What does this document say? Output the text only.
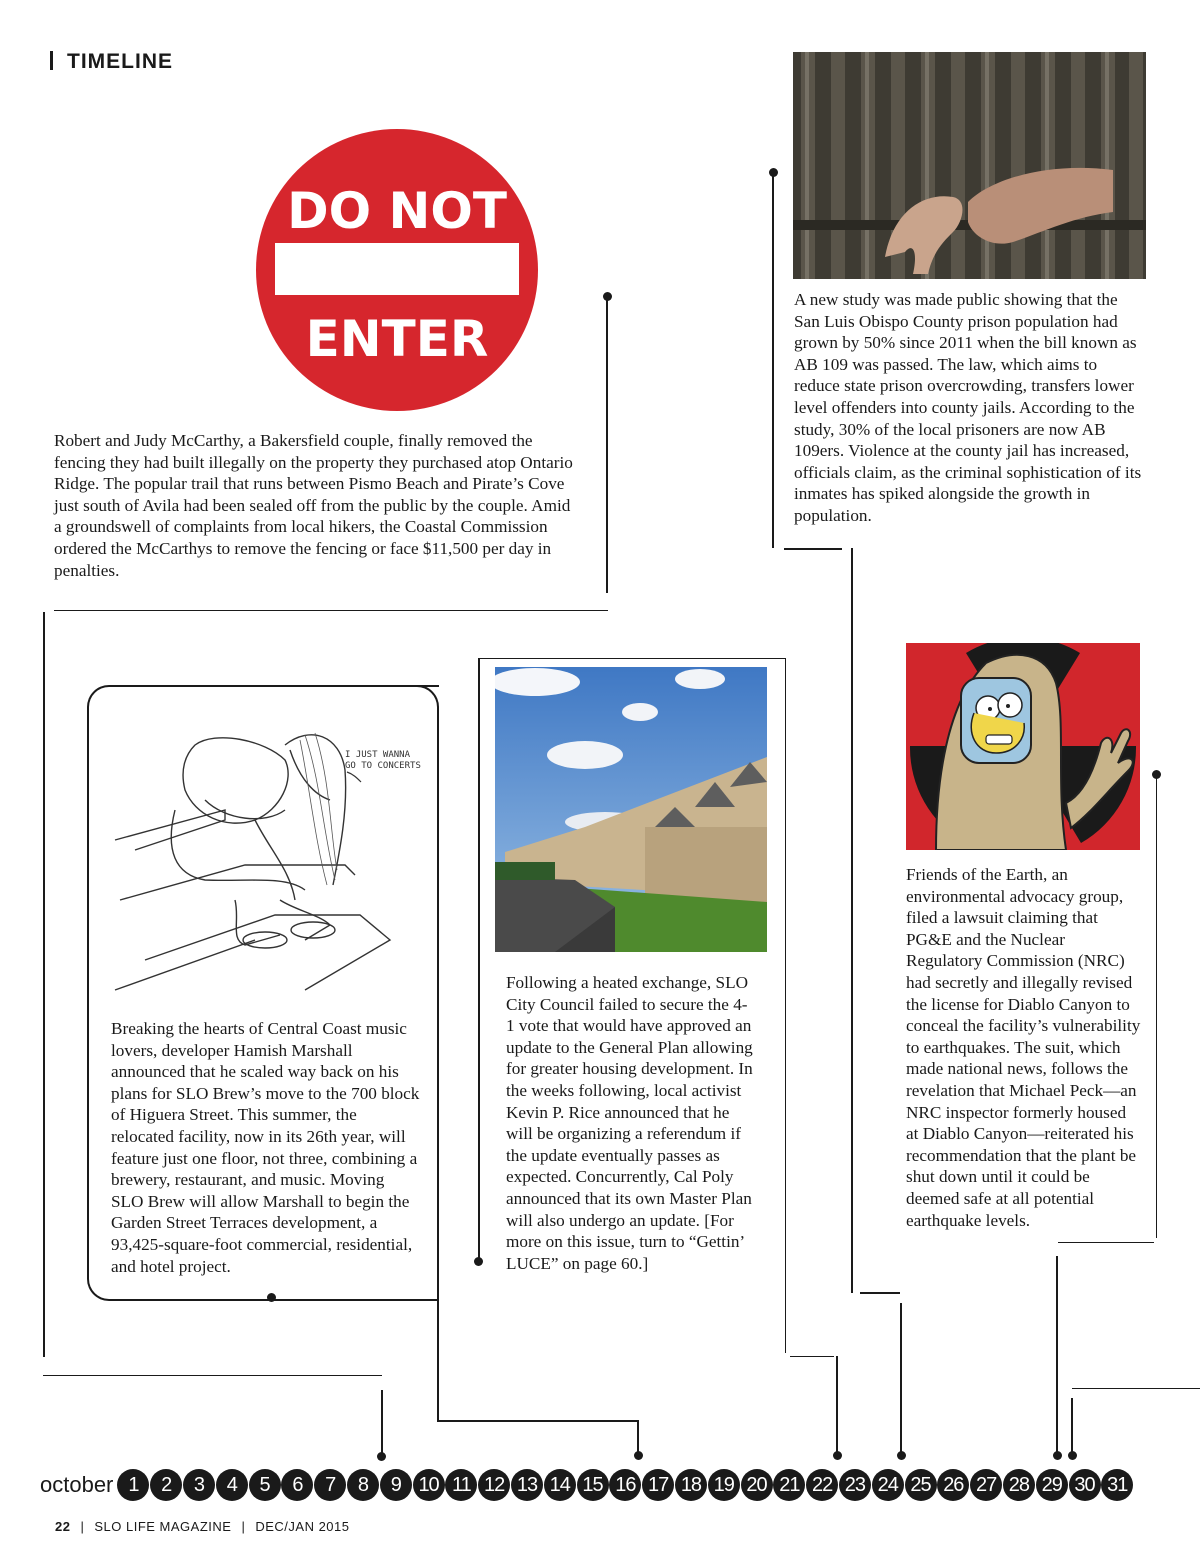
TIMELINE
DO NOT
ENTER
Robert and Judy McCarthy, a Bakersfield couple, finally removed the fencing they had built illegally on the property they purchased atop Ontario Ridge. The popular trail that runs between Pismo Beach and Pirate’s Cove just south of Avila had been sealed off from the public by the couple. Amid a groundswell of complaints from local hikers, the Coastal Commission ordered the McCarthys to remove the fencing or face $11,500 per day in penalties.
A new study was made public showing that the San Luis Obispo County prison population had grown by 50% since 2011 when the bill known as AB 109 was passed. The law, which aims to reduce state prison overcrowding, transfers lower level offenders into county jails. According to the study, 30% of the local prisoners are now AB 109ers. Violence at the county jail has increased, officials claim, as the criminal sophistication of its inmates has spiked alongside the growth in population.
I JUST WANNA GO TO CONCERTS
Breaking the hearts of Central Coast music lovers, developer Hamish Marshall announced that he scaled way back on his plans for SLO Brew’s move to the 700 block of Higuera Street. This summer, the relocated facility, now in its 26th year, will feature just one floor, not three, combining a brewery, restaurant, and music. Moving SLO Brew will allow Marshall to begin the Garden Street Terraces development, a 93,425-square-foot commercial, residential, and hotel project.
Following a heated exchange, SLO City Council failed to secure the 4-1 vote that would have approved an update to the General Plan allowing for greater housing development. In the weeks following, local activist Kevin P. Rice announced that he will be organizing a referendum if the update eventually passes as expected. Concurrently, Cal Poly announced that its own Master Plan will also undergo an update. [For more on this issue, turn to “Gettin’ LUCE” on page 60.]
Friends of the Earth, an environmental advocacy group, filed a lawsuit claiming that PG&E and the Nuclear Regulatory Commission (NRC) had secretly and illegally revised the license for Diablo Canyon to conceal the facility’s vulnerability to earthquakes. The suit, which made national news, follows the revelation that Michael Peck—an NRC inspector formerly housed at Diablo Canyon—reiterated his recommendation that the plant be shut down until it could be deemed safe at all potential earthquake levels.
october 1	2	3	4	5	6	7	8	9 10 11 12 13 14 15 16 17 18 19 20 21 22 23 24 25 26 27 28 29 30 31
22 | SLO LIFE MAGAZINE | DEC/JAN 2015
